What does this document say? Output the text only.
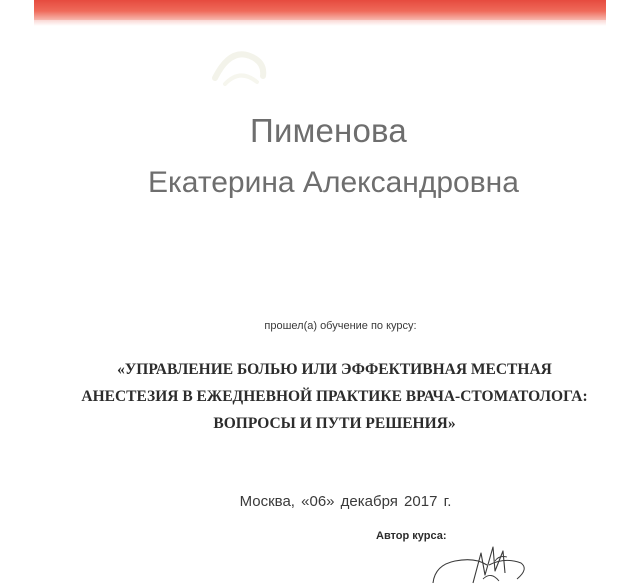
Пименова
Екатерина Александровна
прошел(а) обучение по курсу:
«УПРАВЛЕНИЕ БОЛЬЮ ИЛИ ЭФФЕКТИВНАЯ МЕСТНАЯ
АНЕСТЕЗИЯ В ЕЖЕДНЕВНОЙ ПРАКТИКЕ ВРАЧА-СТОМАТОЛОГА:
ВОПРОСЫ И ПУТИ РЕШЕНИЯ»
Москва, «06» декабря 2017 г.
Автор курса:
